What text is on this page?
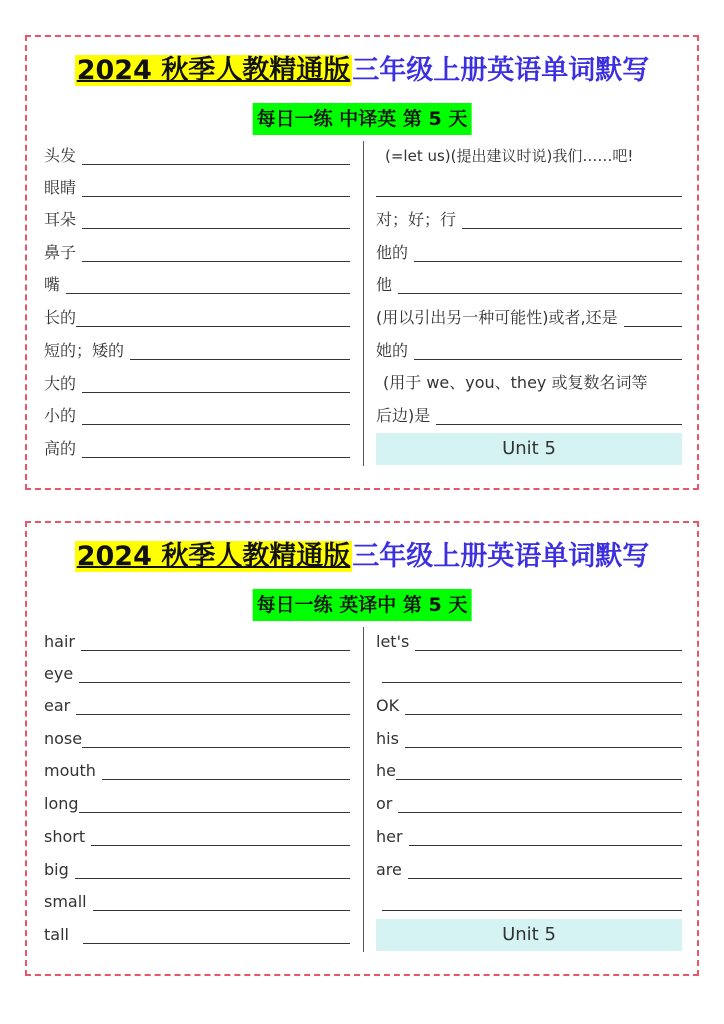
2024 秋季人教精通版三年级上册英语单词默写
每日一练 中译英 第 5 天
头发
眼睛
耳朵
鼻子
嘴
长的
短的；矮的
大的
小的
高的
(=let us)(提出建议时说)我们……吧!
对；好；行
他的
他
(用以引出另一种可能性)或者,还是
她的
(用于 we、you、they 或复数名词等
后边)是
Unit 5
2024 秋季人教精通版三年级上册英语单词默写
每日一练 英译中 第 5 天
hair
eye
ear
nose
mouth
long
short
big
small
tall
let's
OK
his
he
or
her
are
Unit 5
